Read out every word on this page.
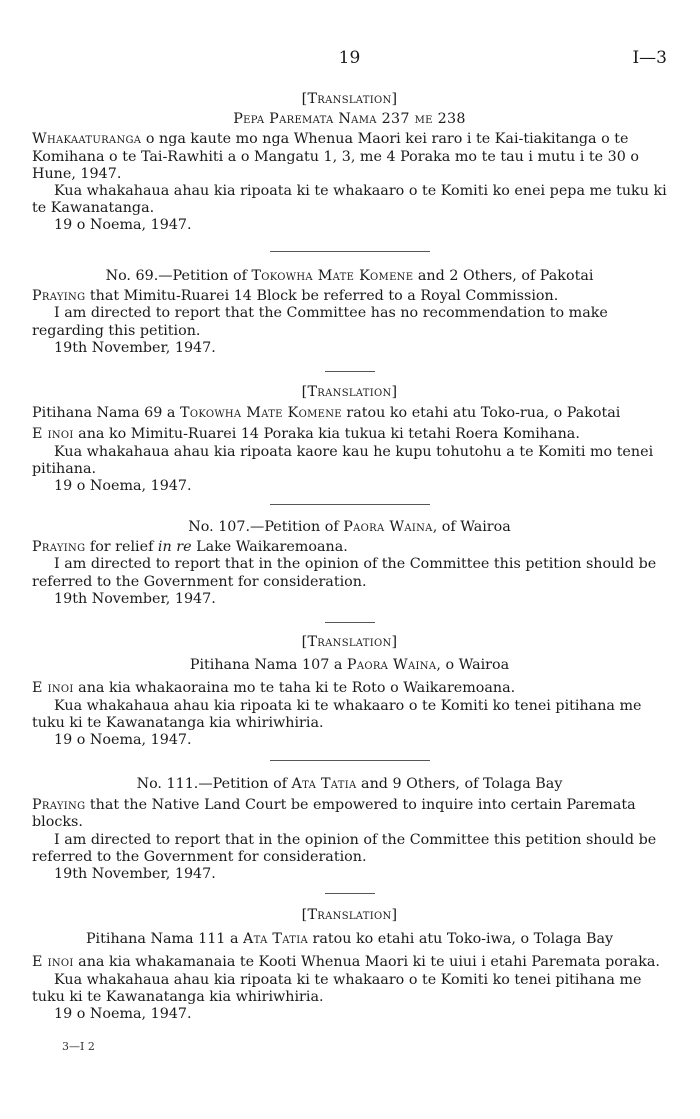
19	I—3

[Translation]

Pepa Paremata Nama 237 me 238

Whakaaturanga o nga kaute mo nga Whenua Maori kei raro i te Kai-tiakitanga o te Komihana o te Tai-Rawhiti a o Mangatu 1, 3, me 4 Poraka mo te tau i mutu i te 30 o Hune, 1947.

Kua whakahaua ahau kia ripoata ki te whakaaro o te Komiti ko enei pepa me tuku ki te Kawanatanga.

19 o Noema, 1947.

No. 69.—Petition of Tokowha Mate Komene and 2 Others, of Pakotai

Praying that Mimitu-Ruarei 14 Block be referred to a Royal Commission.

I am directed to report that the Committee has no recommendation to make regarding this petition.

19th November, 1947.

[Translation]

Pitihana Nama 69 a Tokowha Mate Komene ratou ko etahi atu Toko-rua, o Pakotai

E inoi ana ko Mimitu-Ruarei 14 Poraka kia tukua ki tetahi Roera Komihana.

Kua whakahaua ahau kia ripoata kaore kau he kupu tohutohu a te Komiti mo tenei pitihana.

19 o Noema, 1947.

No. 107.—Petition of Paora Waina, of Wairoa

Praying for relief in re Lake Waikaremoana.

I am directed to report that in the opinion of the Committee this petition should be referred to the Government for consideration.

19th November, 1947.

[Translation]

Pitihana Nama 107 a Paora Waina, o Wairoa

E inoi ana kia whakaoraina mo te taha ki te Roto o Waikaremoana.

Kua whakahaua ahau kia ripoata ki te whakaaro o te Komiti ko tenei pitihana me tuku ki te Kawanatanga kia whiriwhiria.

19 o Noema, 1947.

No. 111.—Petition of Ata Tatia and 9 Others, of Tolaga Bay

Praying that the Native Land Court be empowered to inquire into certain Paremata blocks.

I am directed to report that in the opinion of the Committee this petition should be referred to the Government for consideration.

19th November, 1947.

[Translation]

Pitihana Nama 111 a Ata Tatia ratou ko etahi atu Toko-iwa, o Tolaga Bay

E inoi ana kia whakamanaia te Kooti Whenua Maori ki te uiui i etahi Paremata poraka.

Kua whakahaua ahau kia ripoata ki te whakaaro o te Komiti ko tenei pitihana me tuku ki te Kawanatanga kia whiriwhiria.

19 o Noema, 1947.

3—I 2
